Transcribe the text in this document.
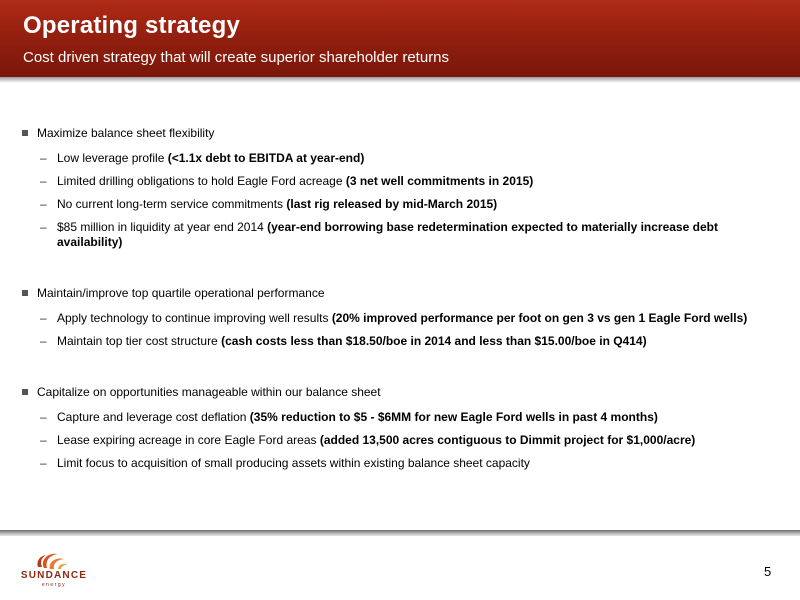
Operating strategy
Cost driven strategy that will create superior shareholder returns
Maximize balance sheet flexibility
– Low leverage profile (<1.1x debt to EBITDA at year-end)
– Limited drilling obligations to hold Eagle Ford acreage (3 net well commitments in 2015)
– No current long-term service commitments (last rig released by mid-March 2015)
– $85 million in liquidity at year end 2014 (year-end borrowing base redetermination expected to materially increase debt availability)
Maintain/improve top quartile operational performance
– Apply technology to continue improving well results (20% improved performance per foot on gen 3 vs gen 1 Eagle Ford wells)
– Maintain top tier cost structure (cash costs less than $18.50/boe in 2014 and less than $15.00/boe in Q414)
Capitalize on opportunities manageable within our balance sheet
– Capture and leverage cost deflation (35% reduction to $5 - $6MM for new Eagle Ford wells in past 4 months)
– Lease expiring acreage in core Eagle Ford areas (added 13,500 acres contiguous to Dimmit project for $1,000/acre)
– Limit focus to acquisition of small producing assets within existing balance sheet capacity
SUNDANCE
energy
5
